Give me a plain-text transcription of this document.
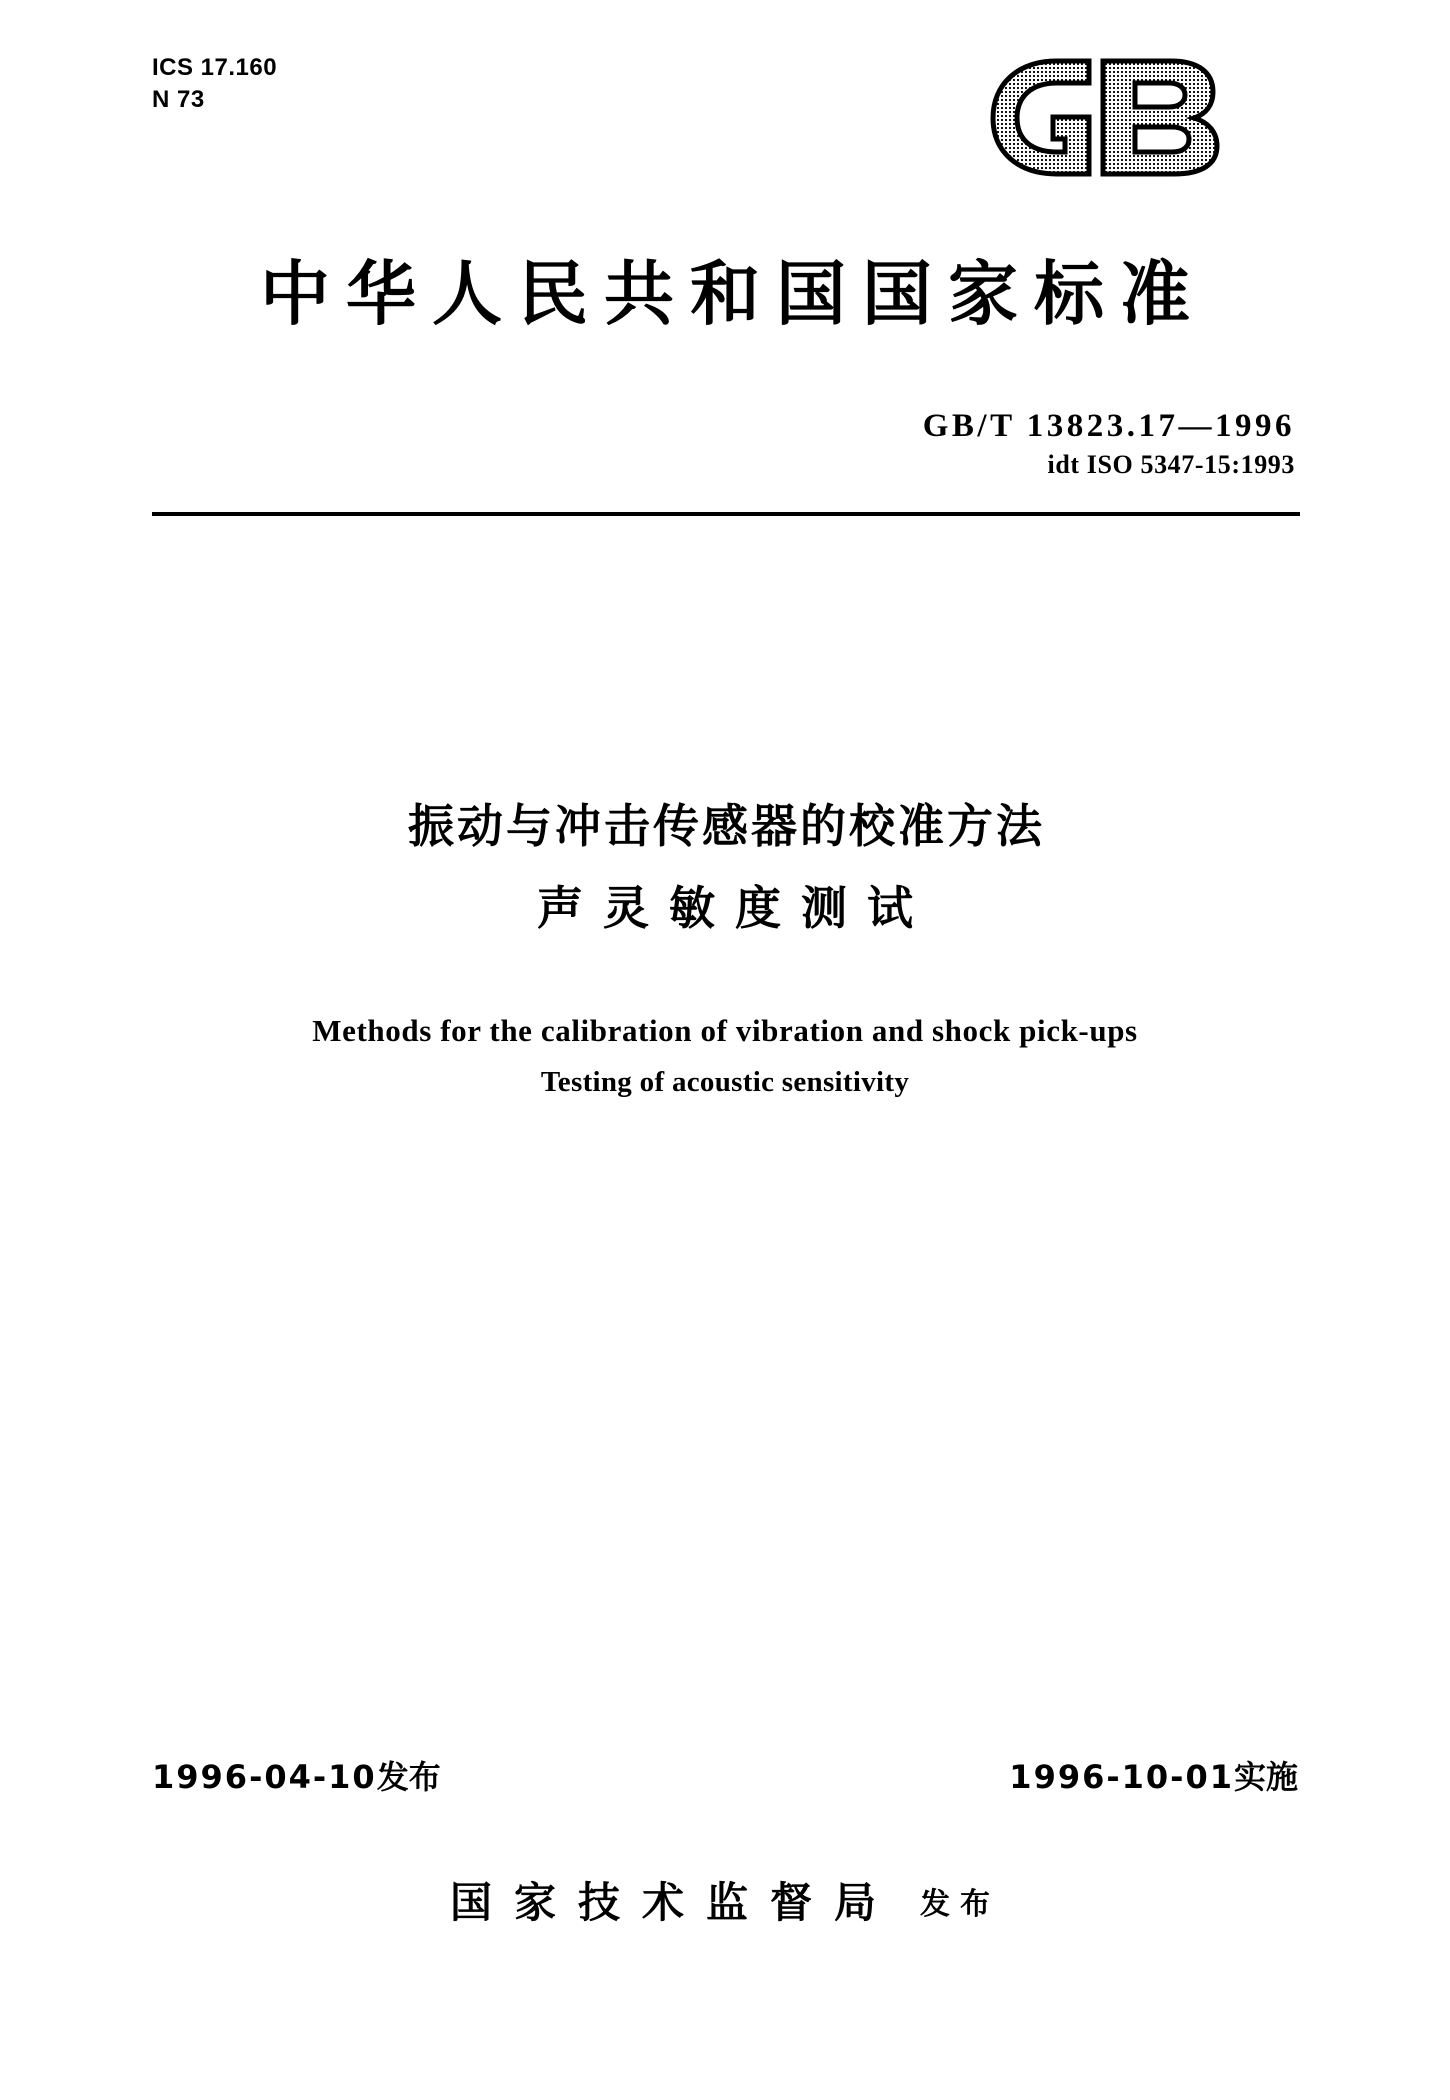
ICS 17.160
N 73
中华人民共和国国家标准
GB/T 13823.17—1996
idt ISO 5347-15:1993
振动与冲击传感器的校准方法
声灵敏度测试
Methods for the calibration of vibration and shock pick-ups
Testing of acoustic sensitivity
1996-04-10发布	1996-10-01实施
国家技术监督局 发布
